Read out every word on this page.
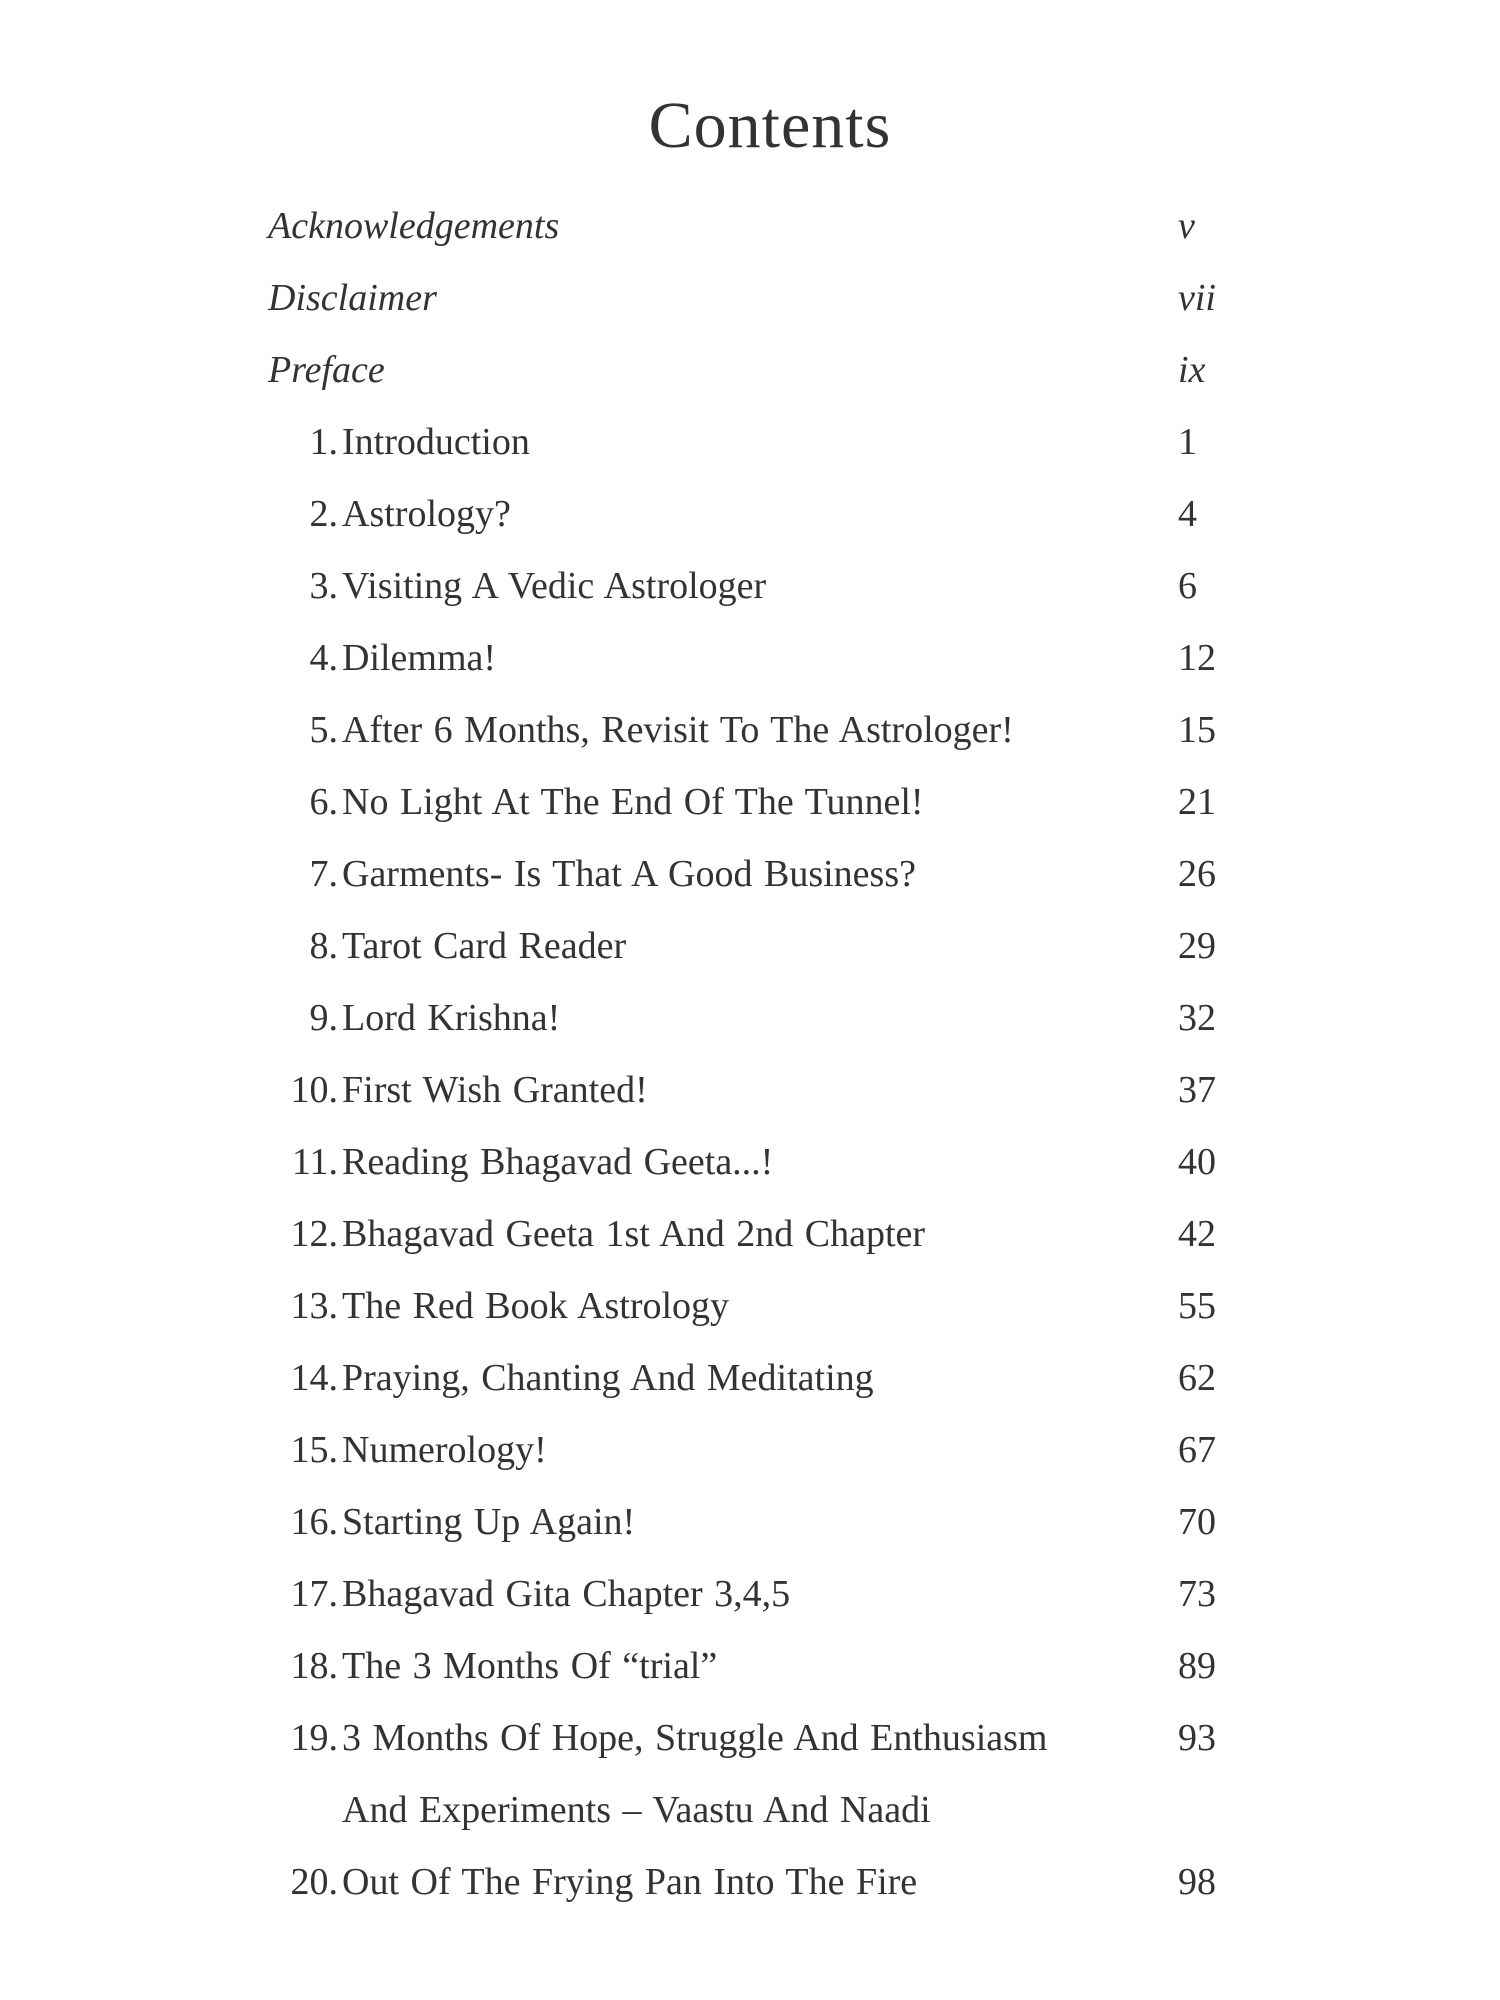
Contents
Acknowledgements	v
Disclaimer	vii
Preface	ix
1. Introduction	1
2. Astrology?	4
3. Visiting A Vedic Astrologer	6
4. Dilemma!	12
5. After 6 Months, Revisit To The Astrologer!	15
6. No Light At The End Of The Tunnel!	21
7. Garments- Is That A Good Business?	26
8. Tarot Card Reader	29
9. Lord Krishna!	32
10. First Wish Granted!	37
11. Reading Bhagavad Geeta...!	40
12. Bhagavad Geeta 1st And 2nd Chapter	42
13. The Red Book Astrology	55
14. Praying, Chanting And Meditating	62
15. Numerology!	67
16. Starting Up Again!	70
17. Bhagavad Gita Chapter 3,4,5	73
18. The 3 Months Of “trial”	89
19. 3 Months Of Hope, Struggle And Enthusiasm	93
And Experiments – Vaastu And Naadi
20. Out Of The Frying Pan Into The Fire	98
